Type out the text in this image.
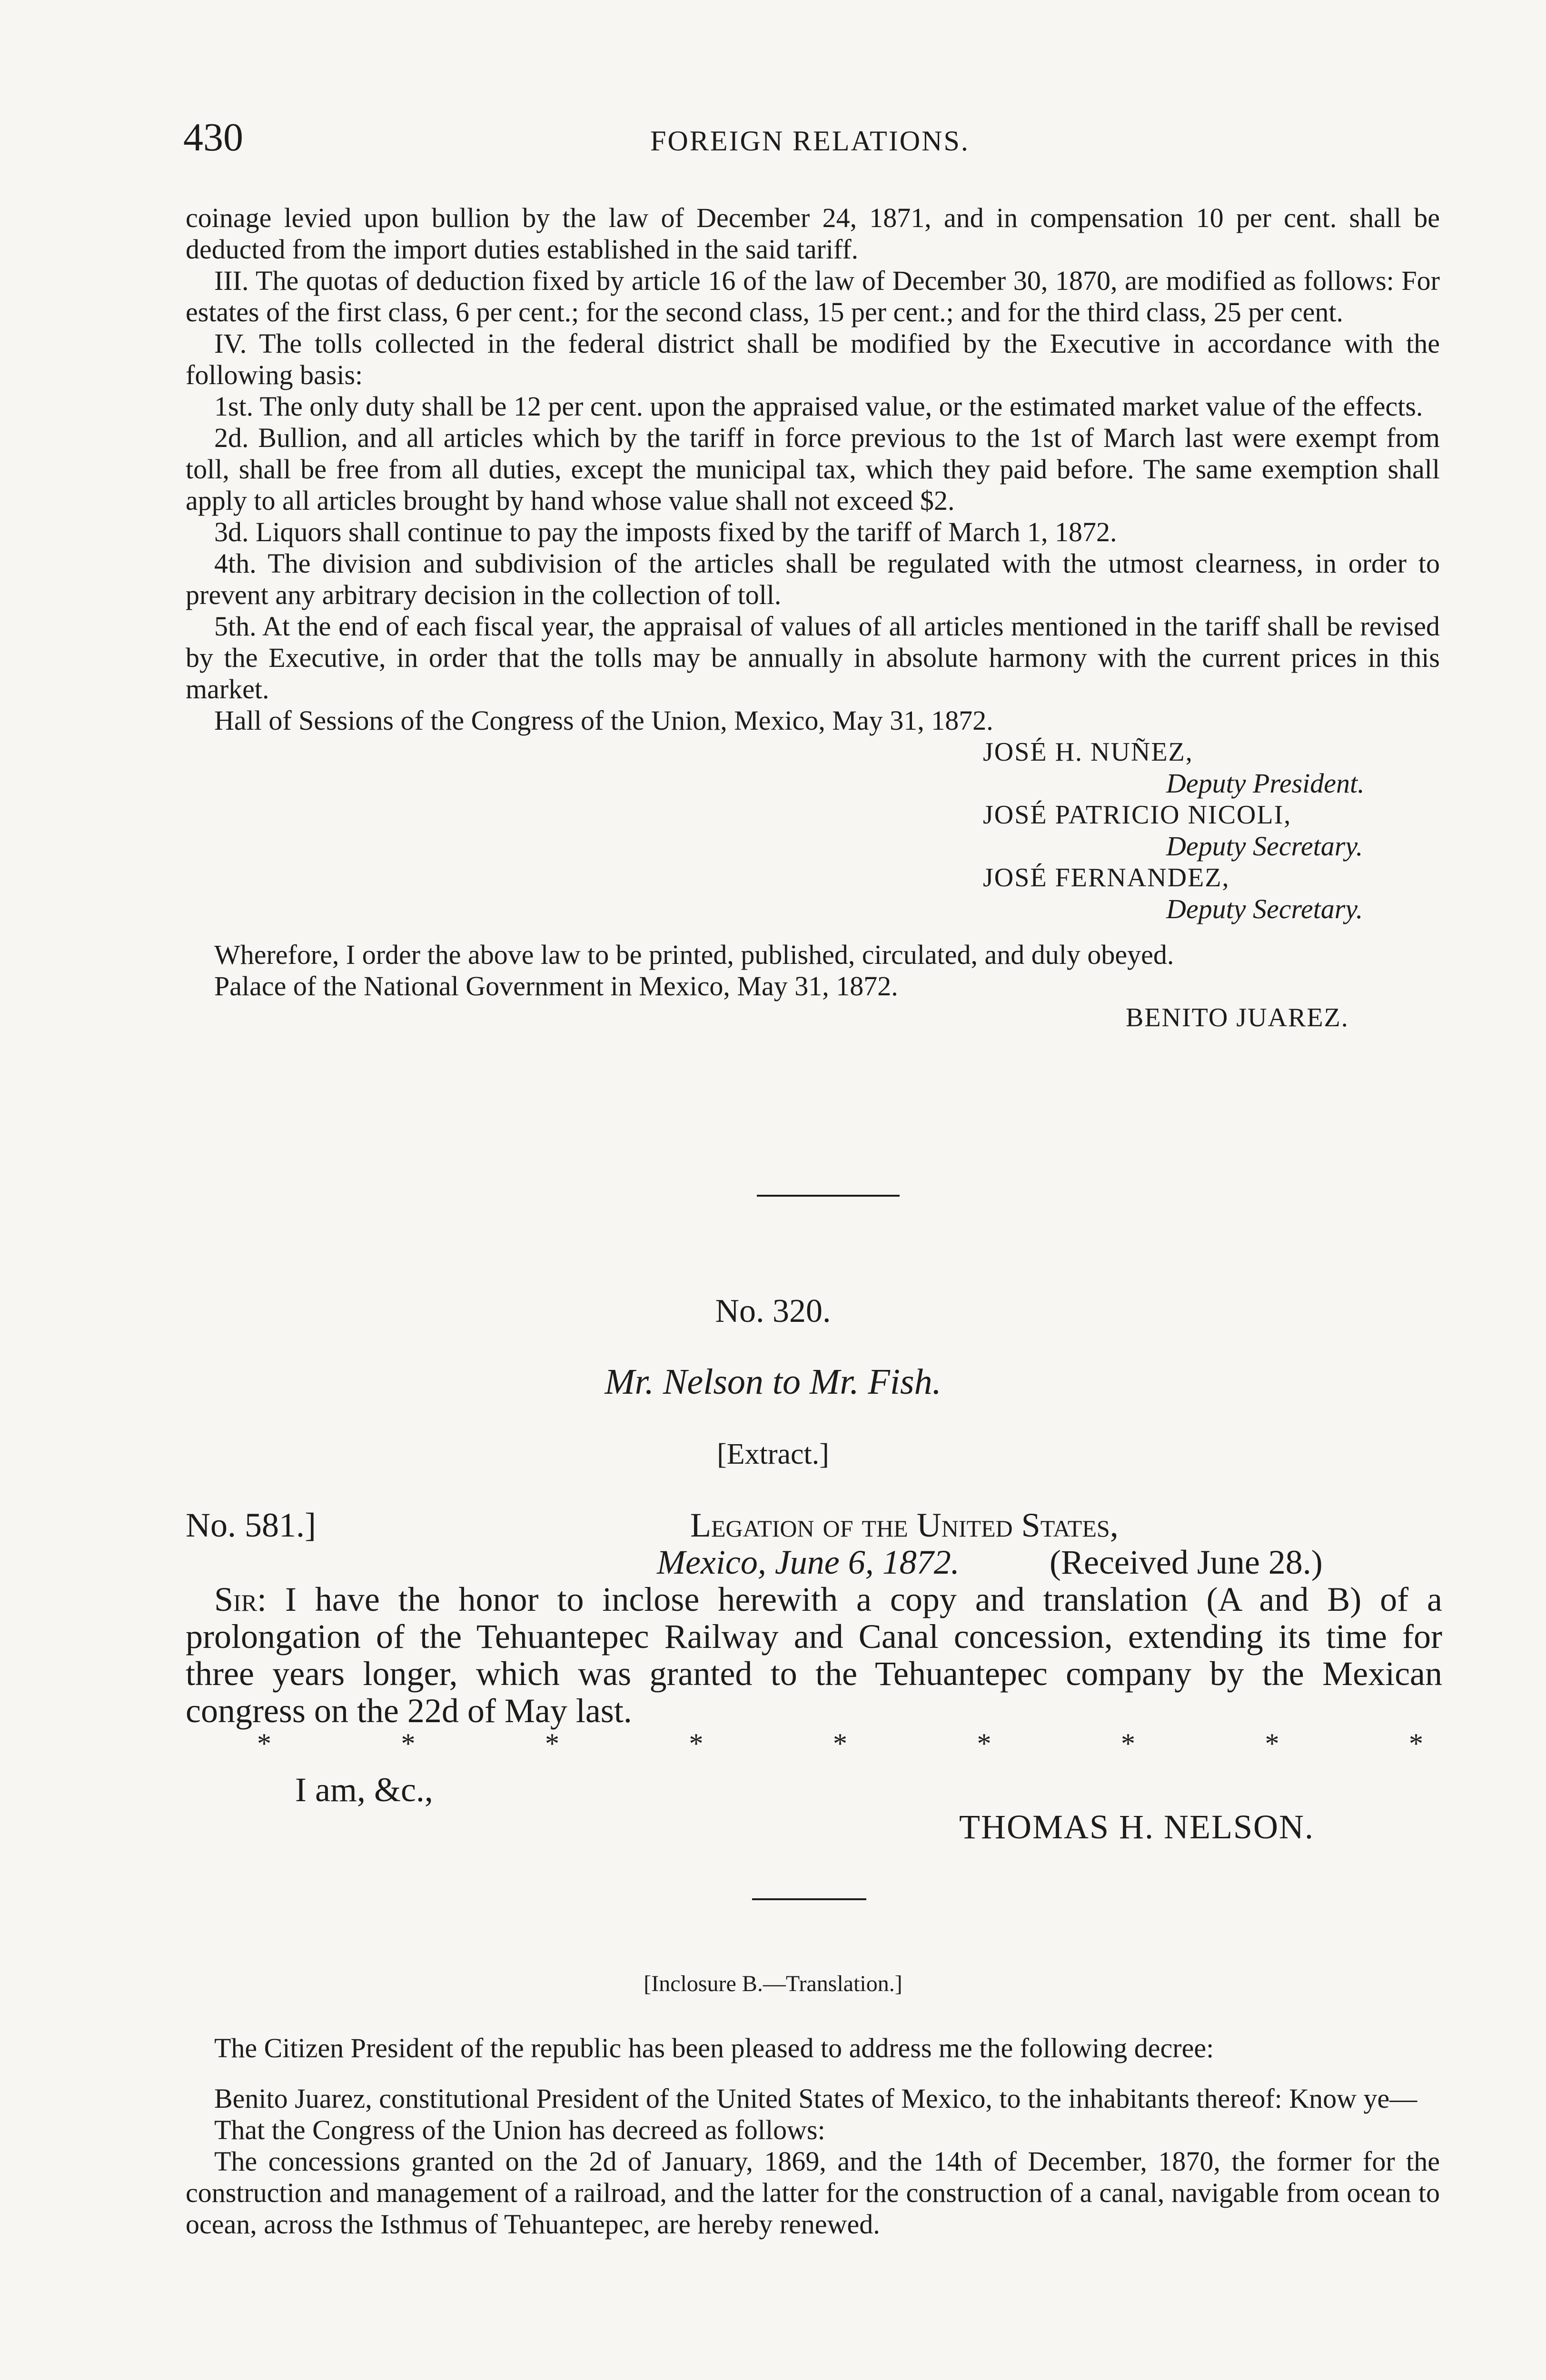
430	FOREIGN RELATIONS.

coinage levied upon bullion by the law of December 24, 1871, and in compensation 10 per cent. shall be deducted from the import duties established in the said tariff.

III. The quotas of deduction fixed by article 16 of the law of December 30, 1870, are modified as follows: For estates of the first class, 6 per cent.; for the second class, 15 per cent.; and for the third class, 25 per cent.

IV. The tolls collected in the federal district shall be modified by the Executive in accordance with the following basis:

1st. The only duty shall be 12 per cent. upon the appraised value, or the estimated market value of the effects.

2d. Bullion, and all articles which by the tariff in force previous to the 1st of March last were exempt from toll, shall be free from all duties, except the municipal tax, which they paid before. The same exemption shall apply to all articles brought by hand whose value shall not exceed $2.

3d. Liquors shall continue to pay the imposts fixed by the tariff of March 1, 1872.

4th. The division and subdivision of the articles shall be regulated with the utmost clearness, in order to prevent any arbitrary decision in the collection of toll.

5th. At the end of each fiscal year, the appraisal of values of all articles mentioned in the tariff shall be revised by the Executive, in order that the tolls may be annually in absolute harmony with the current prices in this market.

Hall of Sessions of the Congress of the Union, Mexico, May 31, 1872.

JOSÉ H. NUÑEZ,
Deputy President.
JOSÉ PATRICIO NICOLI,
Deputy Secretary.
JOSÉ FERNANDEZ,
Deputy Secretary.

Wherefore, I order the above law to be printed, published, circulated, and duly obeyed.

Palace of the National Government in Mexico, May 31, 1872.

BENITO JUAREZ.
No. 320.
Mr. Nelson to Mr. Fish.
[Extract.]
No. 581.]	Legation of the United States,
Mexico, June 6, 1872.	(Received June 28.)

Sir: I have the honor to inclose herewith a copy and translation (A and B) of a prolongation of the Tehuantepec Railway and Canal concession, extending its time for three years longer, which was granted to the Tehuantepec company by the Mexican congress on the 22d of May last.

*	*	*	*	*	*	*	*	*
I am, &c.,
THOMAS H. NELSON.
[Inclosure B.—Translation.]

The Citizen President of the republic has been pleased to address me the following decree:

Benito Juarez, constitutional President of the United States of Mexico, to the inhabitants thereof: Know ye—

That the Congress of the Union has decreed as follows:

The concessions granted on the 2d of January, 1869, and the 14th of December, 1870, the former for the construction and management of a railroad, and the latter for the construction of a canal, navigable from ocean to ocean, across the Isthmus of Tehuantepec, are hereby renewed.
